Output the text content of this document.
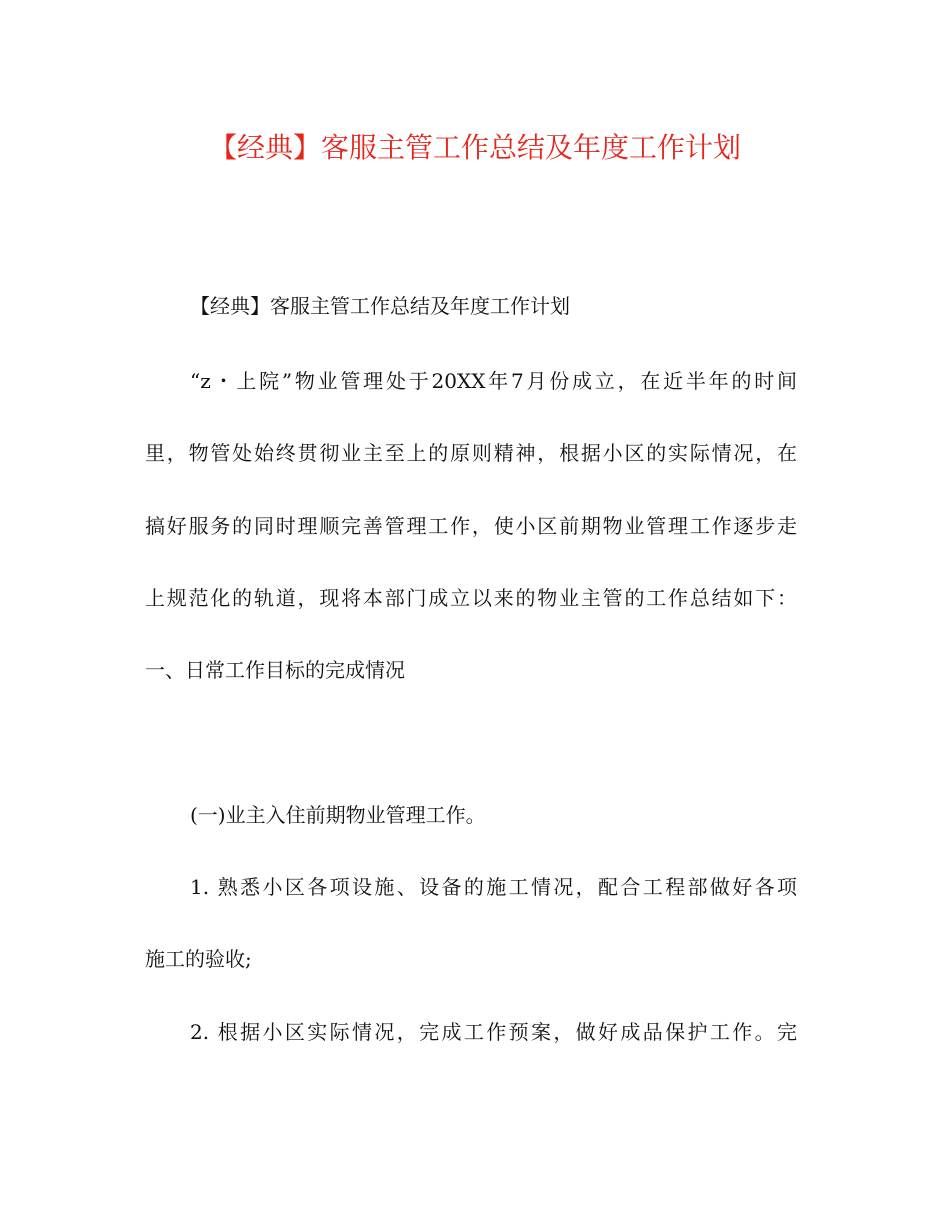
【经典】客服主管工作总结及年度工作计划
【经典】客服主管工作总结及年度工作计划
“z・上院”物业管理处于20XX年7月份成立，在近半年的时间
里，物管处始终贯彻业主至上的原则精神，根据小区的实际情况，在
搞好服务的同时理顺完善管理工作，使小区前期物业管理工作逐步走
上规范化的轨道，现将本部门成立以来的物业主管的工作总结如下：
一、日常工作目标的完成情况
(一)业主入住前期物业管理工作。
1. 熟悉小区各项设施、设备的施工情况，配合工程部做好各项
施工的验收;
2. 根据小区实际情况，完成工作预案，做好成品保护工作。完
